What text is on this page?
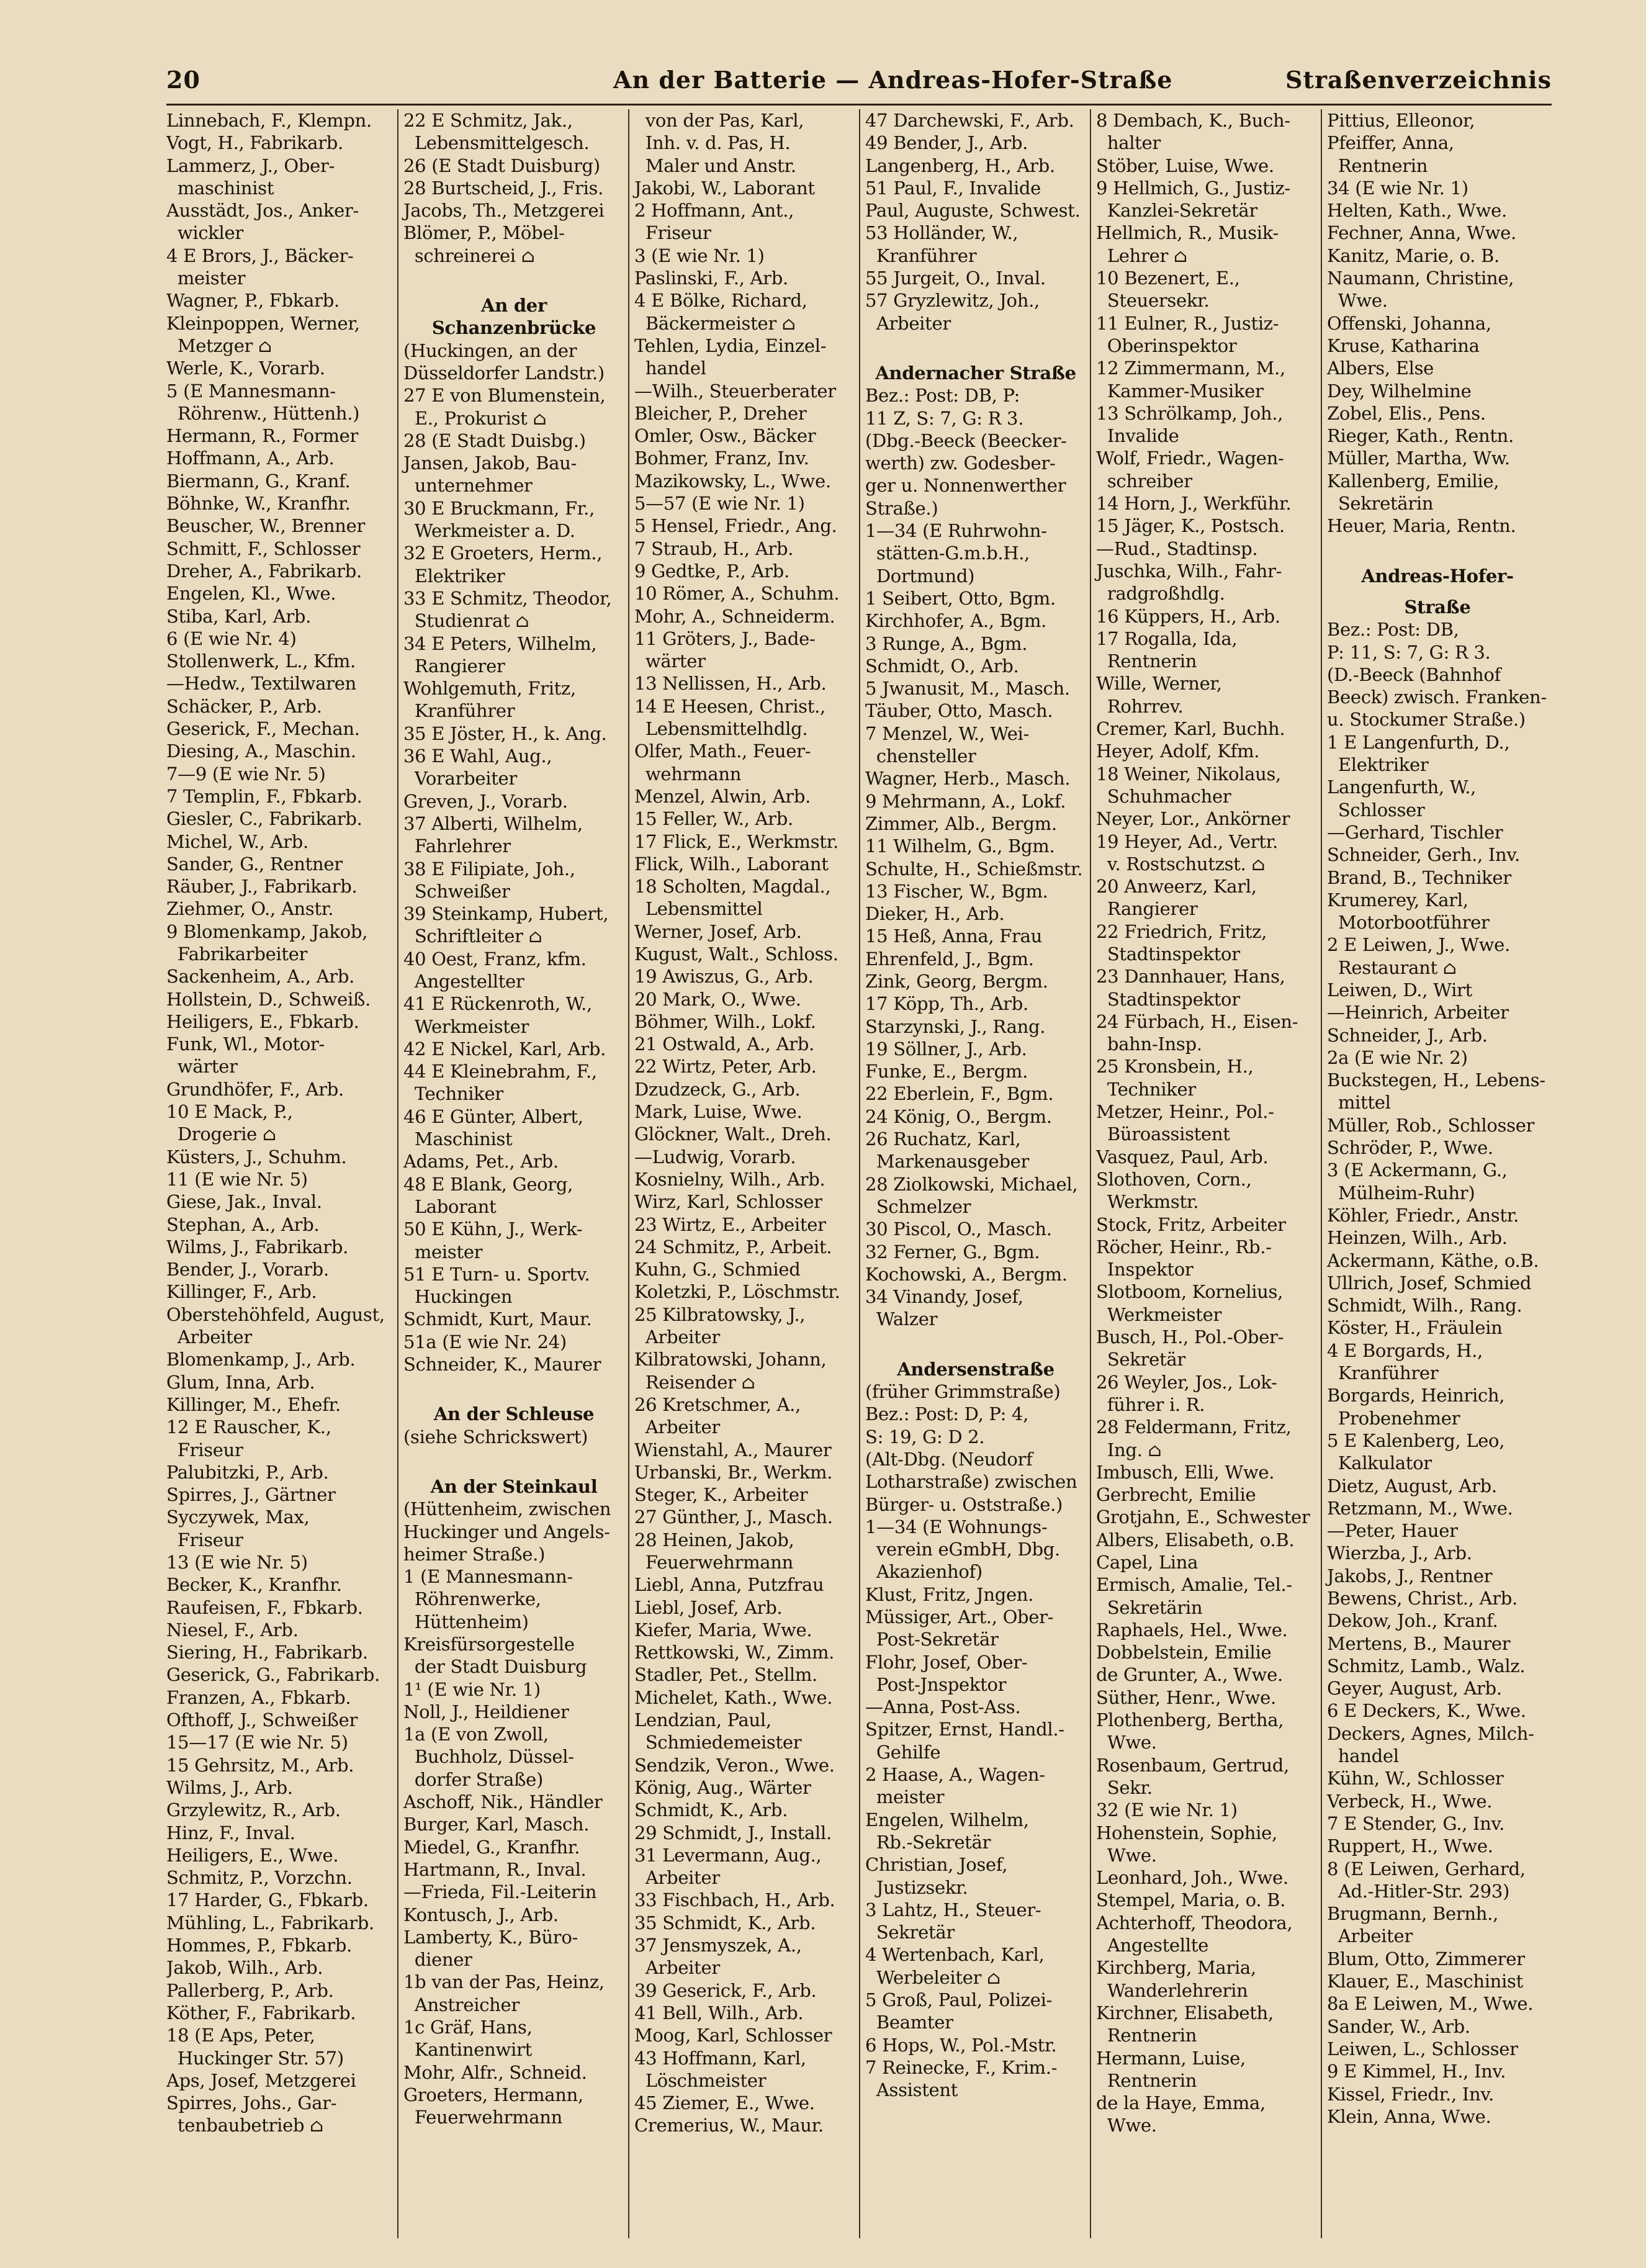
20	An der Batterie — Andreas-Hofer-Straße	Straßenverzeichnis

Linnebach, F., Klempn.

Vogt, H., Fabrikarb.

Lammerz, J., Ober-

maschinist

Ausstädt, Jos., Anker-

wickler

4 E Brors, J., Bäcker-

meister

Wagner, P., Fbkarb.

Kleinpoppen, Werner,

Metzger ⌂

Werle, K., Vorarb.

5 (E Mannesmann-

Röhrenw., Hüttenh.)

Hermann, R., Former

Hoffmann, A., Arb.

Biermann, G., Kranf.

Böhnke, W., Kranfhr.

Beuscher, W., Brenner

Schmitt, F., Schlosser

Dreher, A., Fabrikarb.

Engelen, Kl., Wwe.

Stiba, Karl, Arb.

6 (E wie Nr. 4)

Stollenwerk, L., Kfm.

—Hedw., Textilwaren

Schäcker, P., Arb.

Geserick, F., Mechan.

Diesing, A., Maschin.

7—9 (E wie Nr. 5)

7 Templin, F., Fbkarb.

Giesler, C., Fabrikarb.

Michel, W., Arb.

Sander, G., Rentner

Räuber, J., Fabrikarb.

Ziehmer, O., Anstr.

9 Blomenkamp, Jakob,

Fabrikarbeiter

Sackenheim, A., Arb.

Hollstein, D., Schweiß.

Heiligers, E., Fbkarb.

Funk, Wl., Motor-

wärter

Grundhöfer, F., Arb.

10 E Mack, P.,

Drogerie ⌂

Küsters, J., Schuhm.

11 (E wie Nr. 5)

Giese, Jak., Inval.

Stephan, A., Arb.

Wilms, J., Fabrikarb.

Bender, J., Vorarb.

Killinger, F., Arb.

Oberstehöhfeld, August,

Arbeiter

Blomenkamp, J., Arb.

Glum, Inna, Arb.

Killinger, M., Ehefr.

12 E Rauscher, K.,

Friseur

Palubitzki, P., Arb.

Spirres, J., Gärtner

Syczywek, Max,

Friseur

13 (E wie Nr. 5)

Becker, K., Kranfhr.

Raufeisen, F., Fbkarb.

Niesel, F., Arb.

Siering, H., Fabrikarb.

Geserick, G., Fabrikarb.

Franzen, A., Fbkarb.

Ofthoff, J., Schweißer

15—17 (E wie Nr. 5)

15 Gehrsitz, M., Arb.

Wilms, J., Arb.

Grzylewitz, R., Arb.

Hinz, F., Inval.

Heiligers, E., Wwe.

Schmitz, P., Vorzchn.

17 Harder, G., Fbkarb.

Mühling, L., Fabrikarb.

Hommes, P., Fbkarb.

Jakob, Wilh., Arb.

Pallerberg, P., Arb.

Köther, F., Fabrikarb.

18 (E Aps, Peter,

Huckinger Str. 57)

Aps, Josef, Metzgerei

Spirres, Johs., Gar-

tenbaubetrieb ⌂

22 E Schmitz, Jak.,

Lebensmittelgesch.

26 (E Stadt Duisburg)

28 Burtscheid, J., Fris.

Jacobs, Th., Metzgerei

Blömer, P., Möbel-

schreinerei ⌂

An der Schanzenbrücke

(Huckingen, an der

Düsseldorfer Landstr.)

27 E von Blumenstein,

E., Prokurist ⌂

28 (E Stadt Duisbg.)

Jansen, Jakob, Bau-

unternehmer

30 E Bruckmann, Fr.,

Werkmeister a. D.

32 E Groeters, Herm.,

Elektriker

33 E Schmitz, Theodor,

Studienrat ⌂

34 E Peters, Wilhelm,

Rangierer

Wohlgemuth, Fritz,

Kranführer

35 E Jöster, H., k. Ang.

36 E Wahl, Aug.,

Vorarbeiter

Greven, J., Vorarb.

37 Alberti, Wilhelm,

Fahrlehrer

38 E Filipiate, Joh.,

Schweißer

39 Steinkamp, Hubert,

Schriftleiter ⌂

40 Oest, Franz, kfm.

Angestellter

41 E Rückenroth, W.,

Werkmeister

42 E Nickel, Karl, Arb.

44 E Kleinebrahm, F.,

Techniker

46 E Günter, Albert,

Maschinist

Adams, Pet., Arb.

48 E Blank, Georg,

Laborant

50 E Kühn, J., Werk-

meister

51 E Turn- u. Sportv.

Huckingen

Schmidt, Kurt, Maur.

51a (E wie Nr. 24)

Schneider, K., Maurer

An der Schleuse

(siehe Schrickswert)

An der Steinkaul

(Hüttenheim, zwischen

Huckinger und Angels-

heimer Straße.)

1 (E Mannesmann-

Röhrenwerke,

Hüttenheim)

Kreisfürsorgestelle

der Stadt Duisburg

1¹ (E wie Nr. 1)

Noll, J., Heildiener

1a (E von Zwoll,

Buchholz, Düssel-

dorfer Straße)

Aschoff, Nik., Händler

Burger, Karl, Masch.

Miedel, G., Kranfhr.

Hartmann, R., Inval.

—Frieda, Fil.-Leiterin

Kontusch, J., Arb.

Lamberty, K., Büro-

diener

1b van der Pas, Heinz,

Anstreicher

1c Gräf, Hans,

Kantinenwirt

Mohr, Alfr., Schneid.

Groeters, Hermann,

Feuerwehrmann

von der Pas, Karl,

Inh. v. d. Pas, H.

Maler und Anstr.

Jakobi, W., Laborant

2 Hoffmann, Ant.,

Friseur

3 (E wie Nr. 1)

Paslinski, F., Arb.

4 E Bölke, Richard,

Bäckermeister ⌂

Tehlen, Lydia, Einzel-

handel

—Wilh., Steuerberater

Bleicher, P., Dreher

Omler, Osw., Bäcker

Bohmer, Franz, Inv.

Mazikowsky, L., Wwe.

5—57 (E wie Nr. 1)

5 Hensel, Friedr., Ang.

7 Straub, H., Arb.

9 Gedtke, P., Arb.

10 Römer, A., Schuhm.

Mohr, A., Schneiderm.

11 Gröters, J., Bade-

wärter

13 Nellissen, H., Arb.

14 E Heesen, Christ.,

Lebensmittelhdlg.

Olfer, Math., Feuer-

wehrmann

Menzel, Alwin, Arb.

15 Feller, W., Arb.

17 Flick, E., Werkmstr.

Flick, Wilh., Laborant

18 Scholten, Magdal.,

Lebensmittel

Werner, Josef, Arb.

Kugust, Walt., Schloss.

19 Awiszus, G., Arb.

20 Mark, O., Wwe.

Böhmer, Wilh., Lokf.

21 Ostwald, A., Arb.

22 Wirtz, Peter, Arb.

Dzudzeck, G., Arb.

Mark, Luise, Wwe.

Glöckner, Walt., Dreh.

—Ludwig, Vorarb.

Kosnielny, Wilh., Arb.

Wirz, Karl, Schlosser

23 Wirtz, E., Arbeiter

24 Schmitz, P., Arbeit.

Kuhn, G., Schmied

Koletzki, P., Löschmstr.

25 Kilbratowsky, J.,

Arbeiter

Kilbratowski, Johann,

Reisender ⌂

26 Kretschmer, A.,

Arbeiter

Wienstahl, A., Maurer

Urbanski, Br., Werkm.

Steger, K., Arbeiter

27 Günther, J., Masch.

28 Heinen, Jakob,

Feuerwehrmann

Liebl, Anna, Putzfrau

Liebl, Josef, Arb.

Kiefer, Maria, Wwe.

Rettkowski, W., Zimm.

Stadler, Pet., Stellm.

Michelet, Kath., Wwe.

Lendzian, Paul,

Schmiedemeister

Sendzik, Veron., Wwe.

König, Aug., Wärter

Schmidt, K., Arb.

29 Schmidt, J., Install.

31 Levermann, Aug.,

Arbeiter

33 Fischbach, H., Arb.

35 Schmidt, K., Arb.

37 Jensmyszek, A.,

Arbeiter

39 Geserick, F., Arb.

41 Bell, Wilh., Arb.

Moog, Karl, Schlosser

43 Hoffmann, Karl,

Löschmeister

45 Ziemer, E., Wwe.

Cremerius, W., Maur.

47 Darchewski, F., Arb.

49 Bender, J., Arb.

Langenberg, H., Arb.

51 Paul, F., Invalide

Paul, Auguste, Schwest.

53 Holländer, W.,

Kranführer

55 Jurgeit, O., Inval.

57 Gryzlewitz, Joh.,

Arbeiter

Andernacher Straße

Bez.: Post: DB, P:

11 Z, S: 7, G: R 3.

(Dbg.-Beeck (Beecker-

werth) zw. Godesber-

ger u. Nonnenwerther

Straße.)

1—34 (E Ruhrwohn-

stätten-G.m.b.H.,

Dortmund)

1 Seibert, Otto, Bgm.

Kirchhofer, A., Bgm.

3 Runge, A., Bgm.

Schmidt, O., Arb.

5 Jwanusit, M., Masch.

Täuber, Otto, Masch.

7 Menzel, W., Wei-

chensteller

Wagner, Herb., Masch.

9 Mehrmann, A., Lokf.

Zimmer, Alb., Bergm.

11 Wilhelm, G., Bgm.

Schulte, H., Schießmstr.

13 Fischer, W., Bgm.

Dieker, H., Arb.

15 Heß, Anna, Frau

Ehrenfeld, J., Bgm.

Zink, Georg, Bergm.

17 Köpp, Th., Arb.

Starzynski, J., Rang.

19 Söllner, J., Arb.

Funke, E., Bergm.

22 Eberlein, F., Bgm.

24 König, O., Bergm.

26 Ruchatz, Karl,

Markenausgeber

28 Ziolkowski, Michael,

Schmelzer

30 Piscol, O., Masch.

32 Ferner, G., Bgm.

Kochowski, A., Bergm.

34 Vinandy, Josef,

Walzer

Andersenstraße

(früher Grimmstraße)

Bez.: Post: D, P: 4,

S: 19, G: D 2.

(Alt-Dbg. (Neudorf

Lotharstraße) zwischen

Bürger- u. Oststraße.)

1—34 (E Wohnungs-

verein eGmbH, Dbg.

Akazienhof)

Klust, Fritz, Jngen.

Müssiger, Art., Ober-

Post-Sekretär

Flohr, Josef, Ober-

Post-Jnspektor

—Anna, Post-Ass.

Spitzer, Ernst, Handl.-

Gehilfe

2 Haase, A., Wagen-

meister

Engelen, Wilhelm,

Rb.-Sekretär

Christian, Josef,

Justizsekr.

3 Lahtz, H., Steuer-

Sekretär

4 Wertenbach, Karl,

Werbeleiter ⌂

5 Groß, Paul, Polizei-

Beamter

6 Hops, W., Pol.-Mstr.

7 Reinecke, F., Krim.-

Assistent

8 Dembach, K., Buch-

halter

Stöber, Luise, Wwe.

9 Hellmich, G., Justiz-

Kanzlei-Sekretär

Hellmich, R., Musik-

Lehrer ⌂

10 Bezenert, E.,

Steuersekr.

11 Eulner, R., Justiz-

Oberinspektor

12 Zimmermann, M.,

Kammer-Musiker

13 Schrölkamp, Joh.,

Invalide

Wolf, Friedr., Wagen-

schreiber

14 Horn, J., Werkführ.

15 Jäger, K., Postsch.

—Rud., Stadtinsp.

Juschka, Wilh., Fahr-

radgroßhdlg.

16 Küppers, H., Arb.

17 Rogalla, Ida,

Rentnerin

Wille, Werner,

Rohrrev.

Cremer, Karl, Buchh.

Heyer, Adolf, Kfm.

18 Weiner, Nikolaus,

Schuhmacher

Neyer, Lor., Ankörner

19 Heyer, Ad., Vertr.

v. Rostschutzst. ⌂

20 Anweerz, Karl,

Rangierer

22 Friedrich, Fritz,

Stadtinspektor

23 Dannhauer, Hans,

Stadtinspektor

24 Fürbach, H., Eisen-

bahn-Insp.

25 Kronsbein, H.,

Techniker

Metzer, Heinr., Pol.-

Büroassistent

Vasquez, Paul, Arb.

Slothoven, Corn.,

Werkmstr.

Stock, Fritz, Arbeiter

Röcher, Heinr., Rb.-

Inspektor

Slotboom, Kornelius,

Werkmeister

Busch, H., Pol.-Ober-

Sekretär

26 Weyler, Jos., Lok-

führer i. R.

28 Feldermann, Fritz,

Ing. ⌂

Imbusch, Elli, Wwe.

Gerbrecht, Emilie

Grotjahn, E., Schwester

Albers, Elisabeth, o.B.

Capel, Lina

Ermisch, Amalie, Tel.-

Sekretärin

Raphaels, Hel., Wwe.

Dobbelstein, Emilie

de Grunter, A., Wwe.

Süther, Henr., Wwe.

Plothenberg, Bertha,

Wwe.

Rosenbaum, Gertrud,

Sekr.

32 (E wie Nr. 1)

Hohenstein, Sophie,

Wwe.

Leonhard, Joh., Wwe.

Stempel, Maria, o. B.

Achterhoff, Theodora,

Angestellte

Kirchberg, Maria,

Wanderlehrerin

Kirchner, Elisabeth,

Rentnerin

Hermann, Luise,

Rentnerin

de la Haye, Emma,

Wwe.

Pittius, Elleonor,

Pfeiffer, Anna,

Rentnerin

34 (E wie Nr. 1)

Helten, Kath., Wwe.

Fechner, Anna, Wwe.

Kanitz, Marie, o. B.

Naumann, Christine,

Wwe.

Offenski, Johanna,

Kruse, Katharina

Albers, Else

Dey, Wilhelmine

Zobel, Elis., Pens.

Rieger, Kath., Rentn.

Müller, Martha, Ww.

Kallenberg, Emilie,

Sekretärin

Heuer, Maria, Rentn.

Andreas-Hofer-

Straße

Bez.: Post: DB,

P: 11, S: 7, G: R 3.

(D.-Beeck (Bahnhof

Beeck) zwisch. Franken-

u. Stockumer Straße.)

1 E Langenfurth, D.,

Elektriker

Langenfurth, W.,

Schlosser

—Gerhard, Tischler

Schneider, Gerh., Inv.

Brand, B., Techniker

Krumerey, Karl,

Motorbootführer

2 E Leiwen, J., Wwe.

Restaurant ⌂

Leiwen, D., Wirt

—Heinrich, Arbeiter

Schneider, J., Arb.

2a (E wie Nr. 2)

Buckstegen, H., Lebens-

mittel

Müller, Rob., Schlosser

Schröder, P., Wwe.

3 (E Ackermann, G.,

Mülheim-Ruhr)

Köhler, Friedr., Anstr.

Heinzen, Wilh., Arb.

Ackermann, Käthe, o.B.

Ullrich, Josef, Schmied

Schmidt, Wilh., Rang.

Köster, H., Fräulein

4 E Borgards, H.,

Kranführer

Borgards, Heinrich,

Probenehmer

5 E Kalenberg, Leo,

Kalkulator

Dietz, August, Arb.

Retzmann, M., Wwe.

—Peter, Hauer

Wierzba, J., Arb.

Jakobs, J., Rentner

Bewens, Christ., Arb.

Dekow, Joh., Kranf.

Mertens, B., Maurer

Schmitz, Lamb., Walz.

Geyer, August, Arb.

6 E Deckers, K., Wwe.

Deckers, Agnes, Milch-

handel

Kühn, W., Schlosser

Verbeck, H., Wwe.

7 E Stender, G., Inv.

Ruppert, H., Wwe.

8 (E Leiwen, Gerhard,

Ad.-Hitler-Str. 293)

Brugmann, Bernh.,

Arbeiter

Blum, Otto, Zimmerer

Klauer, E., Maschinist

8a E Leiwen, M., Wwe.

Sander, W., Arb.

Leiwen, L., Schlosser

9 E Kimmel, H., Inv.

Kissel, Friedr., Inv.

Klein, Anna, Wwe.
